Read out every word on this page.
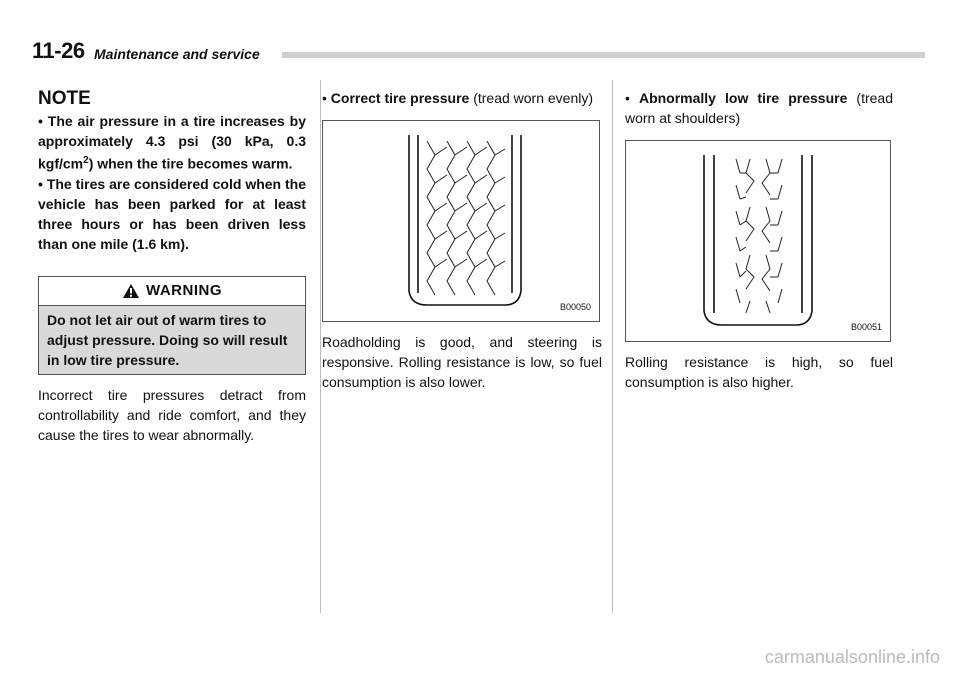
11-26 Maintenance and service
NOTE

• The air pressure in a tire increases by approximately 4.3 psi (30 kPa, 0.3 kgf/$cm^2$) when the tire becomes warm.

• The tires are considered cold when the vehicle has been parked for at least three hours or has been driven less than one mile (1.6 km).

WARNING
Do not let air out of warm tires to adjust pressure. Doing so will result in low tire pressure.

Incorrect tire pressures detract from controllability and ride comfort, and they cause the tires to wear abnormally.

• Correct tire pressure (tread worn evenly)

B00050

Roadholding is good, and steering is responsive. Rolling resistance is low, so fuel consumption is also lower.

• Abnormally low tire pressure (tread worn at shoulders)

B00051

Rolling resistance is high, so fuel consumption is also higher.

carmanualsonline.info
